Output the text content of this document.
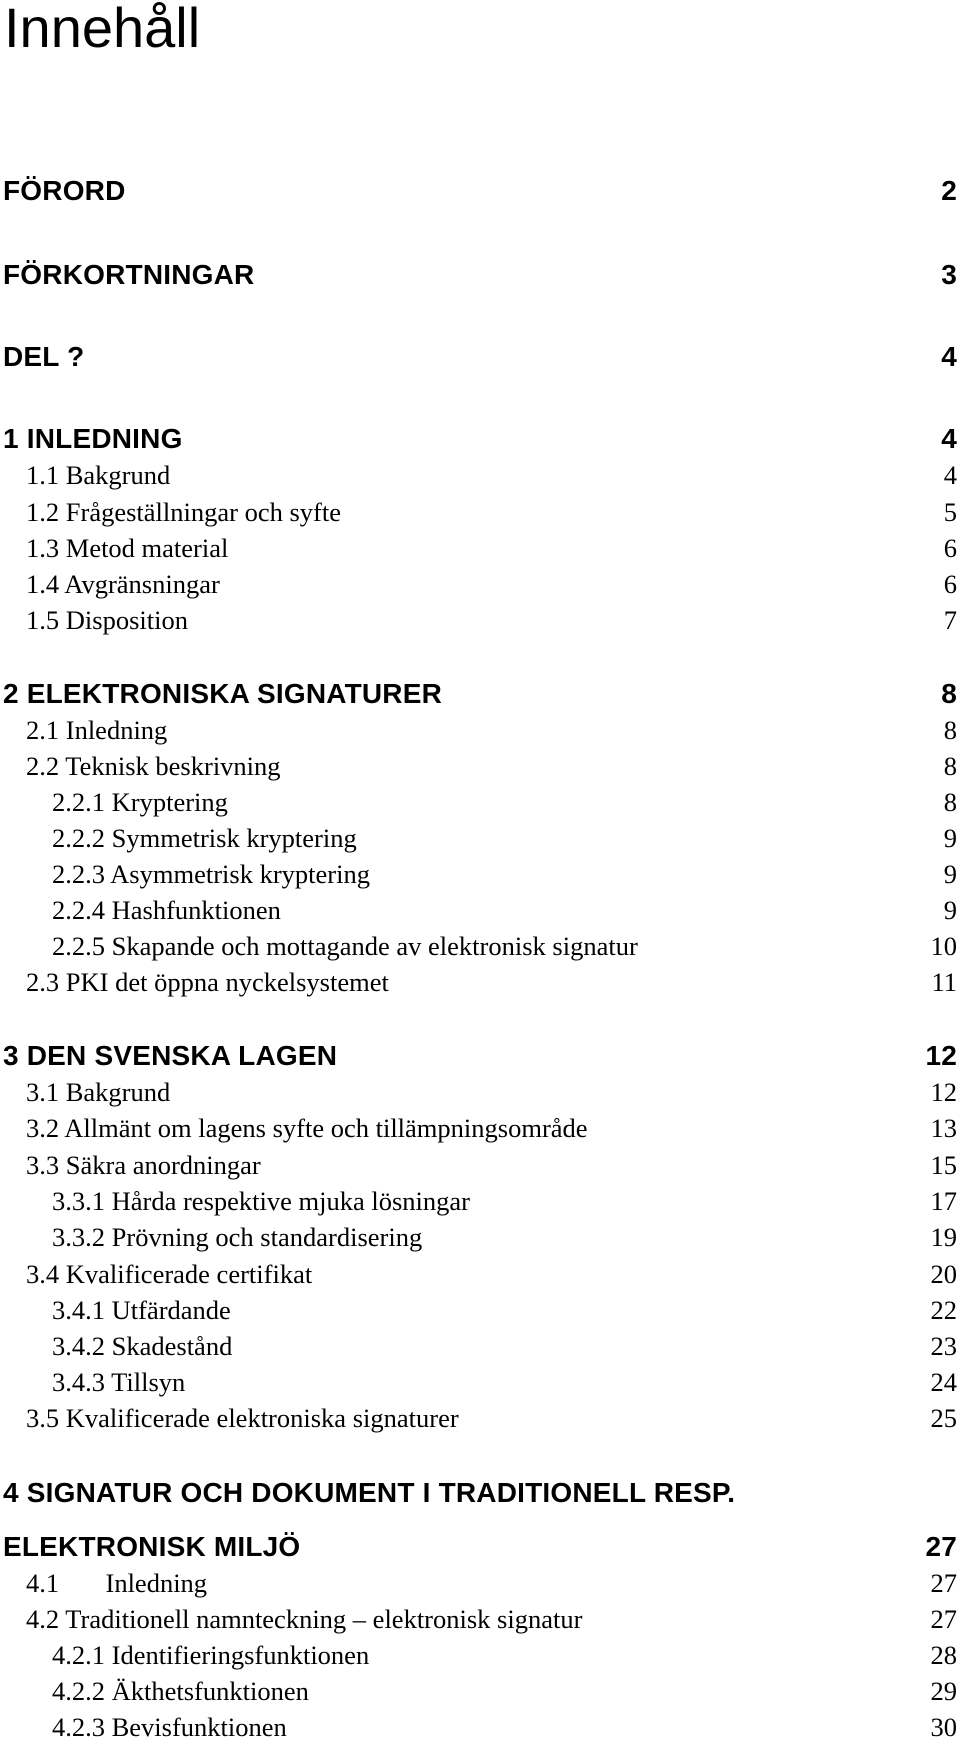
Innehåll
FÖRORD	2
FÖRKORTNINGAR	3
DEL ?	4
1 INLEDNING	4
1.1 Bakgrund	4
1.2 Frågeställningar och syfte	5
1.3 Metod material	6
1.4 Avgränsningar	6
1.5 Disposition	7
2 ELEKTRONISKA SIGNATURER	8
2.1 Inledning	8
2.2 Teknisk beskrivning	8
2.2.1 Kryptering	8
2.2.2 Symmetrisk kryptering	9
2.2.3 Asymmetrisk kryptering	9
2.2.4 Hashfunktionen	9
2.2.5 Skapande och mottagande av elektronisk signatur	10
2.3 PKI det öppna nyckelsystemet	11
3 DEN SVENSKA LAGEN	12
3.1 Bakgrund	12
3.2 Allmänt om lagens syfte och tillämpningsområde	13
3.3 Säkra anordningar	15
3.3.1 Hårda respektive mjuka lösningar	17
3.3.2 Prövning och standardisering	19
3.4 Kvalificerade certifikat	20
3.4.1 Utfärdande	22
3.4.2 Skadestånd	23
3.4.3 Tillsyn	24
3.5 Kvalificerade elektroniska signaturer	25
4 SIGNATUR OCH DOKUMENT I TRADITIONELL RESP.
ELEKTRONISK MILJÖ	27
4.1       Inledning	27
4.2 Traditionell namnteckning – elektronisk signatur	27
4.2.1 Identifieringsfunktionen	28
4.2.2 Äkthetsfunktionen	29
4.2.3 Bevisfunktionen	30
